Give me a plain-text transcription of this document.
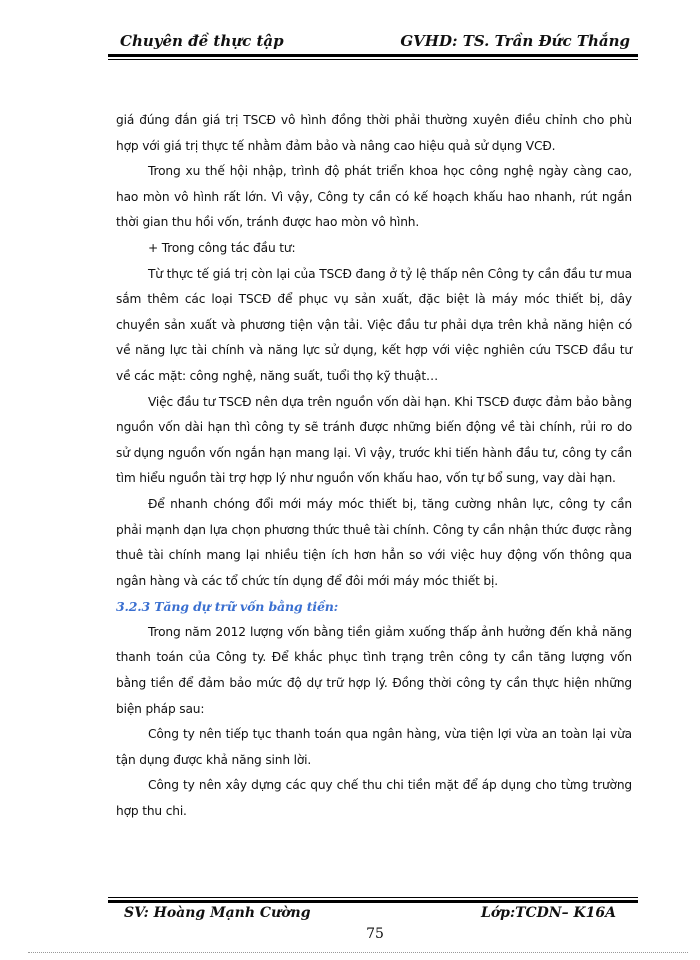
Chuyên đề thực tập	GVHD: TS. Trần Đức Thắng

giá đúng đắn giá trị TSCĐ vô hình đồng thời phải thường xuyên điều chỉnh cho phù hợp với giá trị thực tế nhằm đảm bảo và nâng cao hiệu quả sử dụng VCĐ.

Trong xu thế hội nhập, trình độ phát triển khoa học công nghệ ngày càng cao, hao mòn vô hình rất lớn. Vì vậy, Công ty cần có kế hoạch khấu hao nhanh, rút ngắn thời gian thu hồi vốn, tránh được hao mòn vô hình.

+ Trong công tác đầu tư:

Từ thực tế giá trị còn lại của TSCĐ đang ở tỷ lệ thấp nên Công ty cần đầu tư mua sắm thêm các loại TSCĐ để phục vụ sản xuất, đặc biệt là máy móc thiết bị, dây chuyền sản xuất và phương tiện vận tải. Việc đầu tư phải dựa trên khả năng hiện có về năng lực tài chính và năng lực sử dụng, kết hợp với việc nghiên cứu TSCĐ đầu tư về các mặt: công nghệ, năng suất, tuổi thọ kỹ thuật…

Việc đầu tư TSCĐ nên dựa trên nguồn vốn dài hạn. Khi TSCĐ được đảm bảo bằng nguồn vốn dài hạn thì công ty sẽ tránh được những biến động về tài chính, rủi ro do sử dụng nguồn vốn ngắn hạn mang lại. Vì vậy, trước khi tiến hành đầu tư, công ty cần tìm hiểu nguồn tài trợ hợp lý như nguồn vốn khấu hao, vốn tự bổ sung, vay dài hạn.

Để nhanh chóng đổi mới máy móc thiết bị, tăng cường nhân lực, công ty cần phải mạnh dạn lựa chọn phương thức thuê tài chính. Công ty cần nhận thức được rằng thuê tài chính mang lại nhiều tiện ích hơn hẳn so với việc huy động vốn thông qua ngân hàng và các tổ chức tín dụng để đôi mới máy móc thiết bị.

3.2.3 Tăng dự trữ vốn bằng tiền:

Trong năm 2012 lượng vốn bằng tiền giảm xuống thấp ảnh hưởng đến khả năng thanh toán của Công ty. Để khắc phục tình trạng trên công ty cần tăng lượng vốn bằng tiền để đảm bảo mức độ dự trữ hợp lý. Đồng thời công ty cần thực hiện những biện pháp sau:

Công ty nên tiếp tục thanh toán qua ngân hàng, vừa tiện lợi vừa an toàn lại vừa tận dụng được khả năng sinh lời.

Công ty nên xây dựng các quy chế thu chi tiền mặt để áp dụng cho từng trường hợp thu chi.

SV: Hoàng Mạnh Cường	Lớp:TCDN– K16A
75
